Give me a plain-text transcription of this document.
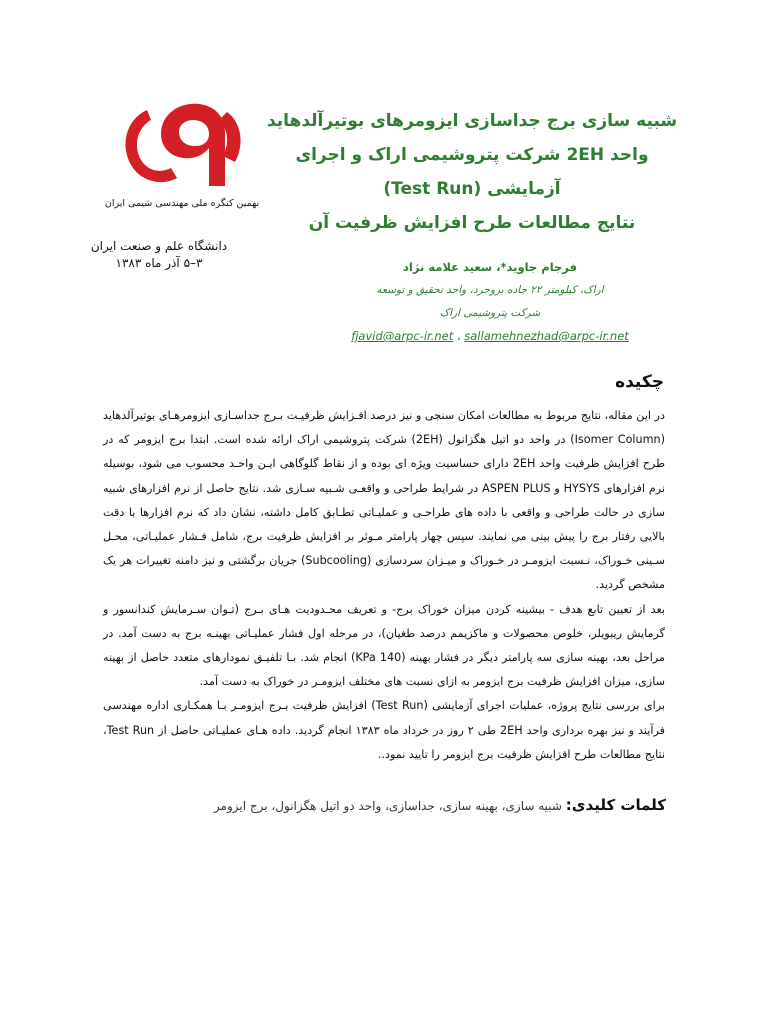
نهمین کنگره ملی مهندسی شیمی ایران
دانشگاه علم و صنعت ایران
۳–۵ آذر ماه ۱۳۸۳
شبیه سازی برج جداسازی ایزومرهای بوتیرآلدهاید
واحد 2EH شرکت پتروشیمی اراک و اجرای
آزمایشی (Test Run)
نتایج مطالعات طرح افزایش ظرفیت آن
فرجام جاوید*، سعید علامه نژاد
اراک، کیلومتر ۲۲ جاده بروجرد، واحد تحقیق و توسعه
شرکت پتروشیمی اراک
fjavid@arpc-ir.net ، sallamehnezhad@arpc-ir.net
چکیده

در این مقاله، نتایج مربوط به مطالعات امکان سنجی و نیز درصد افـزایش ظرفیـت بـرج جداسـازی ایزومرهـای بوتیرآلدهاید (Isomer Column) در واحد دو اتیل هگزانول (2EH) شرکت پتروشیمی اراک ارائه شده است. ابتدا برج ایزومر که در طرح افزایش ظرفیت واحد 2EH دارای حساسیت ویژه ای بوده و از نقاط گلوگاهی ایـن واحـد محسوب می شود، بوسیله نرم افزارهای HYSYS و ASPEN PLUS در شرایط طراحی و واقعـی شـبیه سـازی شد. نتایج حاصل از نرم افزارهای شبیه سازی در حالت طراحی و واقعی با داده های طراحـی و عملیـاتی تطـابق کامل داشته، نشان داد که نرم افزارها با دقت بالایی رفتار برج را پیش بینی می نمایند. سپس چهار پارامتر مـوثر بر افزایش ظرفیت برج، شامل فـشار عملیـاتی، محـل سـینی خـوراک، نـسبت ایزومـر در خـوراک و میـزان سردسازی (Subcooling) جریان برگشتی و نیز دامنه تغییرات هر یک مشخص گردید.

بعد از تعیین تابع هدف - بیشینه کردن میزان خوراک برج- و تعریف محـدودیت هـای بـرج (تـوان سـرمایش کندانسور و گرمایش ریبویلر، خلوص محصولات و ماکزیمم درصد طغیان)، در مرحله اول فشار عملیـاتی بهینـه برج به دست آمد. در مراحل بعد، بهینه سازی سه پارامتر دیگر در فشار بهینه (140 KPa) انجام شد. بـا تلفیـق نمودارهای متعدد حاصل از بهینه سازی، میزان افزایش ظرفیت برج ایزومر به ازای نسبت های مختلف ایزومـر در خوراک به دست آمد.

برای بررسی نتایج پروژه، عملیات اجرای آزمایشی (Test Run) افزایش ظرفیت بـرج ایزومـر بـا همکـاری اداره مهندسی فرآیند و نیز بهره برداری واحد 2EH طی ۲ روز در خرداد ماه ۱۳۸۳ انجام گردید. داده هـای عملیـاتی حاصل از Test Run، نتایج مطالعات طرح افزایش ظرفیت برج ایزومر را تایید نمود..

کلمات کلیدی: شبیه سازی، بهینه سازی، جداسازی، واحد دو اتیل هگزانول، برج ایزومر
